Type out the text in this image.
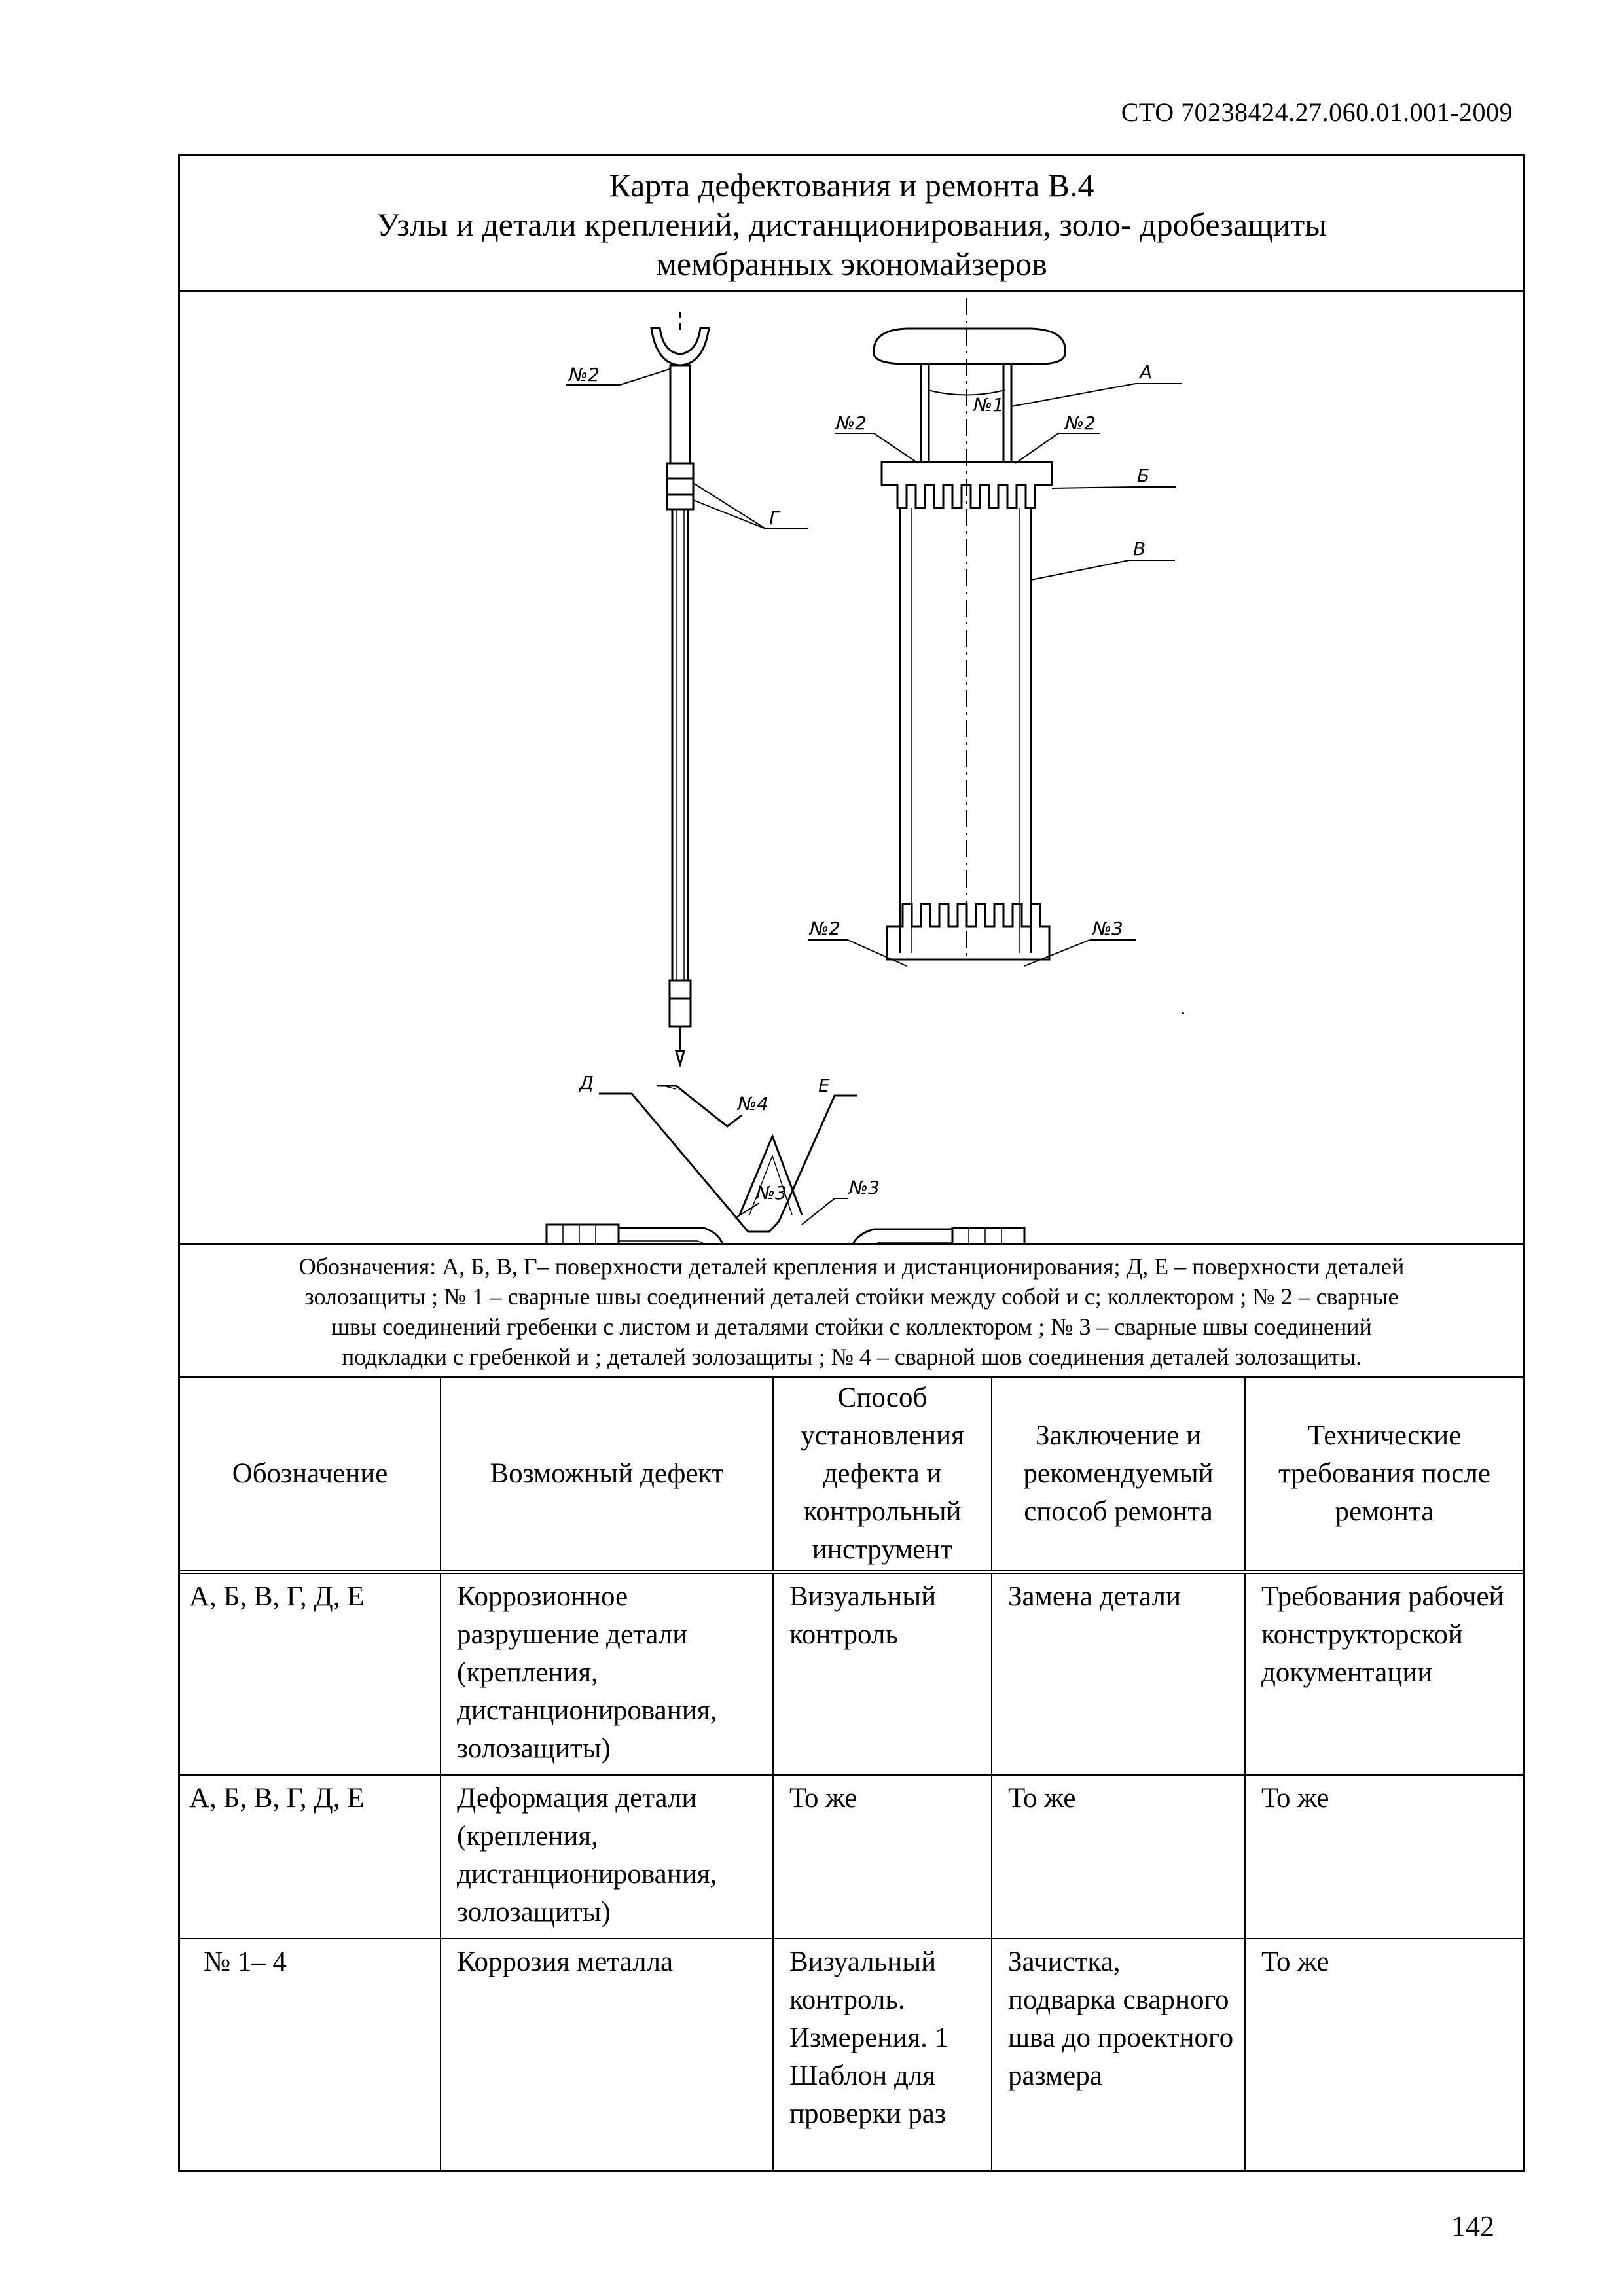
СТО 70238424.27.060.01.001-2009
Карта дефектования и ремонта В.4
Узлы и детали креплений, дистанционирования, золо- дробезащиты
мембранных экономайзеров
№2
Г
№1
А
№2	№2
Б
В
№2	№3
Д	Е
№4
№3	№3
Обозначения: А, Б, В, Г– поверхности деталей крепления и дистанционирования; Д, Е – поверхности деталей
золозащиты ; № 1 – сварные швы соединений деталей стойки между собой и с; коллектором ; № 2 – сварные
швы соединений гребенки с листом и деталями стойки с коллектором ; № 3 – сварные швы соединений
подкладки с гребенкой и ; деталей золозащиты ; № 4 – сварной шов соединения деталей золозащиты.
Обозначение	Возможный дефект	Способ установления дефекта и контрольный инструмент	Заключение и рекомендуемый способ ремонта	Технические требования после ремонта
А, Б, В, Г, Д, Е	Коррозионное разрушение детали (крепления, дистанционирования, золозащиты)	Визуальный контроль	Замена детали	Требования рабочей конструкторской документации
А, Б, В, Г, Д, Е	Деформация детали (крепления, дистанционирования, золозащиты)	То же	То же	То же
№ 1– 4	Коррозия металла	Визуальный контроль. Измерения. 1 Шаблон для проверки раз	Зачистка, подварка сварного шва до проектного размера	То же
142
